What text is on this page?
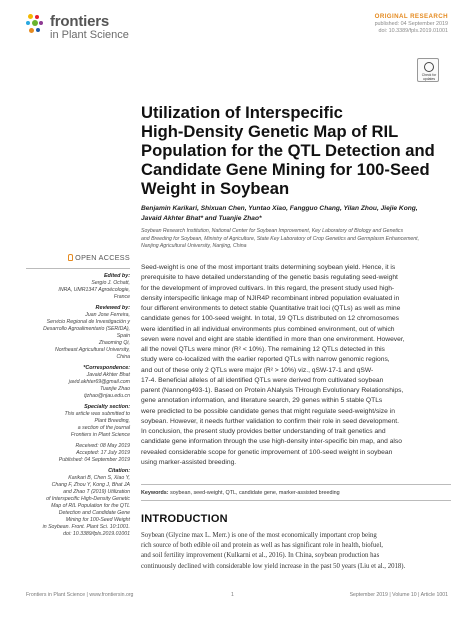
frontiers
in Plant Science
ORIGINAL RESEARCH
published: 04 September 2019
doi: 10.3389/fpls.2019.01001
Check for
updates
Utilization of Interspecific
High-Density Genetic Map of RIL
Population for the QTL Detection and
Candidate Gene Mining for 100-Seed
Weight in Soybean
Benjamin Karikari, Shixuan Chen, Yuntao Xiao, Fangguo Chang, Yilan Zhou, Jiejie Kong,
Javaid Akhter Bhat* and Tuanjie Zhao*
Soybean Research Institution, National Center for Soybean Improvement, Key Laboratory of Biology and Genetics
and Breeding for Soybean, Ministry of Agriculture, State Key Laboratory of Crop Genetics and Germplasm Enhancement,
Nanjing Agricultural University, Nanjing, China
OPEN ACCESS
Edited by:
Sergio J. Ochatt,
INRA, UMR1347 Agroécologie,
France
Reviewed by:
Juan Jose Ferreira,
Servicio Regional de Investigación y
Desarrollo Agroalimentario (SERIDA),
Spain
Zhaoming Qi,
Northeast Agricultural University,
China
*Correspondence:
Javaid Akhter Bhat
javid.akhter69@gmail.com
Tuanjie Zhao
tjzhao@njau.edu.cn
Specialty section:
This article was submitted to
Plant Breeding,
a section of the journal
Frontiers in Plant Science
Received: 08 May 2019
Accepted: 17 July 2019
Published: 04 September 2019
Citation:
Karikari B, Chen S, Xiao Y,
Chang F, Zhou Y, Kong J, Bhat JA
and Zhao T (2019) Utilization
of Interspecific High-Density Genetic
Map of RIL Population for the QTL
Detection and Candidate Gene
Mining for 100-Seed Weight
in Soybean. Front. Plant Sci. 10:1001.
doi: 10.3389/fpls.2019.01001
Seed-weight is one of the most important traits determining soybean yield. Hence, it is
prerequisite to have detailed understanding of the genetic basis regulating seed-weight
for the development of improved cultivars. In this regard, the present study used high-
density interspecific linkage map of NJIR4P recombinant inbred population evaluated in
four different environments to detect stable Quantitative trait loci (QTLs) as well as mine
candidate genes for 100-seed weight. In total, 19 QTLs distributed on 12 chromosomes
were identified in all individual environments plus combined environment, out of which
seven were novel and eight are stable identified in more than one environment. However,
all the novel QTLs were minor (R² < 10%). The remaining 12 QTLs detected in this
study were co-localized with the earlier reported QTLs with narrow genomic regions,
and out of these only 2 QTLs were major (R² > 10%) viz., qSW-17-1 and qSW-
17-4. Beneficial alleles of all identified QTLs were derived from cultivated soybean
parent (Nannong493-1). Based on Protein ANalysis THrough Evolutionary Relationships,
gene annotation information, and literature search, 29 genes within 5 stable QTLs
were predicted to be possible candidate genes that might regulate seed-weight/size in
soybean. However, it needs further validation to confirm their role in seed development.
In conclusion, the present study provides better understanding of trait genetics and
candidate gene information through the use high-density inter-specific bin map, and also
revealed considerable scope for genetic improvement of 100-seed weight in soybean
using marker-assisted breeding.
Keywords: soybean, seed-weight, QTL, candidate gene, marker-assisted breeding
INTRODUCTION
Soybean (Glycine max L. Merr.) is one of the most economically important crop being
rich source of both edible oil and protein as well as has significant role in health, biofuel,
and soil fertility improvement (Kulkarni et al., 2016). In China, soybean production has
continuously declined with considerable low yield increase in the past 50 years (Liu et al., 2018).
Frontiers in Plant Science | www.frontiersin.org	1	September 2019 | Volume 10 | Article 1001
